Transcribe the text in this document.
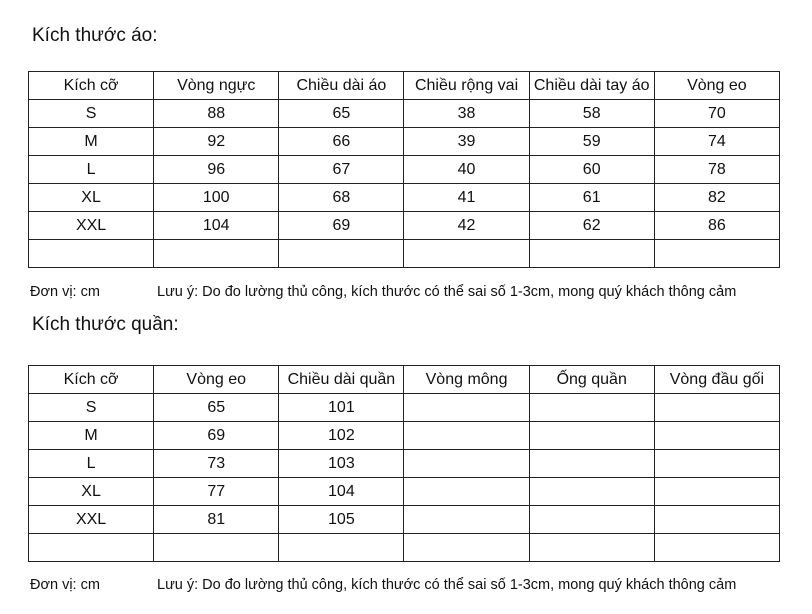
Kích thước áo:
Kích cỡ	Vòng ngực	Chiều dài áo	Chiều rộng vai	Chiều dài tay áo	Vòng eo
S	88	65	38	58	70
M	92	66	39	59	74
L	96	67	40	60	78
XL	100	68	41	61	82
XXL	104	69	42	62	86

Đơn vị: cm	Lưu ý: Do đo lường thủ công, kích thước có thể sai số 1-3cm, mong quý khách thông cảm
Kích thước quần:
Kích cỡ	Vòng eo	Chiều dài quần	Vòng mông	Ống quần	Vòng đầu gối
S	65	101			
M	69	102			
L	73	103			
XL	77	104			
XXL	81	105			

Đơn vị: cm	Lưu ý: Do đo lường thủ công, kích thước có thể sai số 1-3cm, mong quý khách thông cảm
